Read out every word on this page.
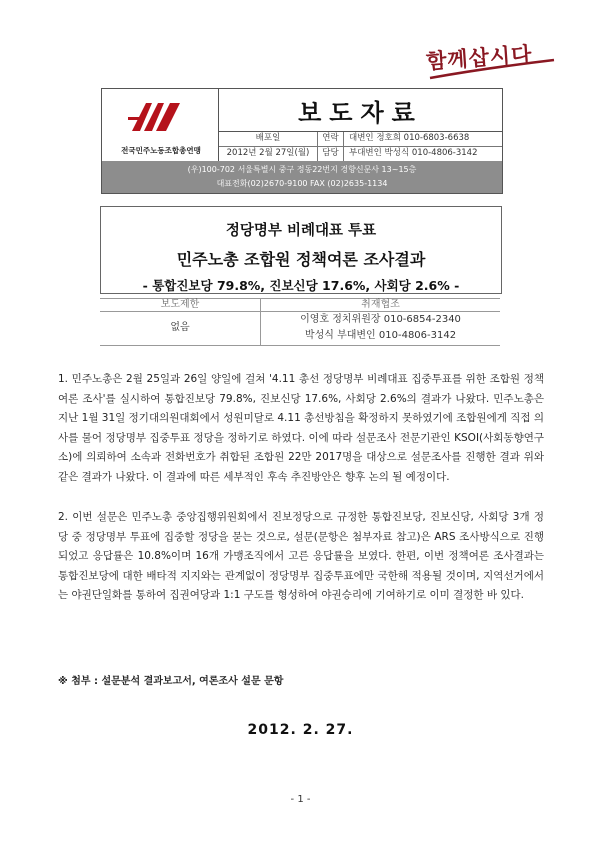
함께삽시다
전국민주노동조합총연맹
보도자료
배포일
2012년 2월 27일(월)
연락
담당
대변인 정호희 010-6803-6638
부대변인 박성식 010-4806-3142
(우)100-702 서울특별시 중구 정동22번지 경향신문사 13~15층
대표전화(02)2670-9100 FAX (02)2635-1134
정당명부 비례대표 투표
민주노총 조합원 정책여론 조사결과
- 통합진보당 79.8%, 진보신당 17.6%, 사회당 2.6% -
보도제한
없음
취재협조
이영호 정치위원장 010-6854-2340
박성식 부대변인 010-4806-3142

1. 민주노총은 2월 25일과 26일 양일에 걸쳐 '4.11 총선 정당명부 비례대표 집중투표를 위한 조합원 정책여론 조사'를 실시하여 통합진보당 79.8%, 진보신당 17.6%, 사회당 2.6%의 결과가 나왔다. 민주노총은 지난 1월 31일 정기대의원대회에서 성원미달로 4.11 총선방침을 확정하지 못하였기에 조합원에게 직접 의사를 물어 정당명부 집중투표 정당을 정하기로 하였다. 이에 따라 설문조사 전문기관인 KSOI(사회동향연구소)에 의뢰하여 소속과 전화번호가 취합된 조합원 22만 2017명을 대상으로 설문조사를 진행한 결과 위와 같은 결과가 나왔다. 이 결과에 따른 세부적인 후속 추진방안은 향후 논의 될 예정이다.

2. 이번 설문은 민주노총 중앙집행위원회에서 진보정당으로 규정한 통합진보당, 진보신당, 사회당 3개 정당 중 정당명부 투표에 집중할 정당을 묻는 것으로, 설문(문항은 첨부자료 참고)은 ARS 조사방식으로 진행되었고 응답률은 10.8%이며 16개 가맹조직에서 고른 응답률을 보였다. 한편, 이번 정책여론 조사결과는 통합진보당에 대한 배타적 지지와는 관계없이 정당명부 집중투표에만 국한해 적용될 것이며, 지역선거에서는 야권단일화를 통하여 집권여당과 1:1 구도를 형성하여 야권승리에 기여하기로 이미 결정한 바 있다.

※ 첨부 : 설문분석 결과보고서, 여론조사 설문 문항
2012. 2. 27.
- 1 -
